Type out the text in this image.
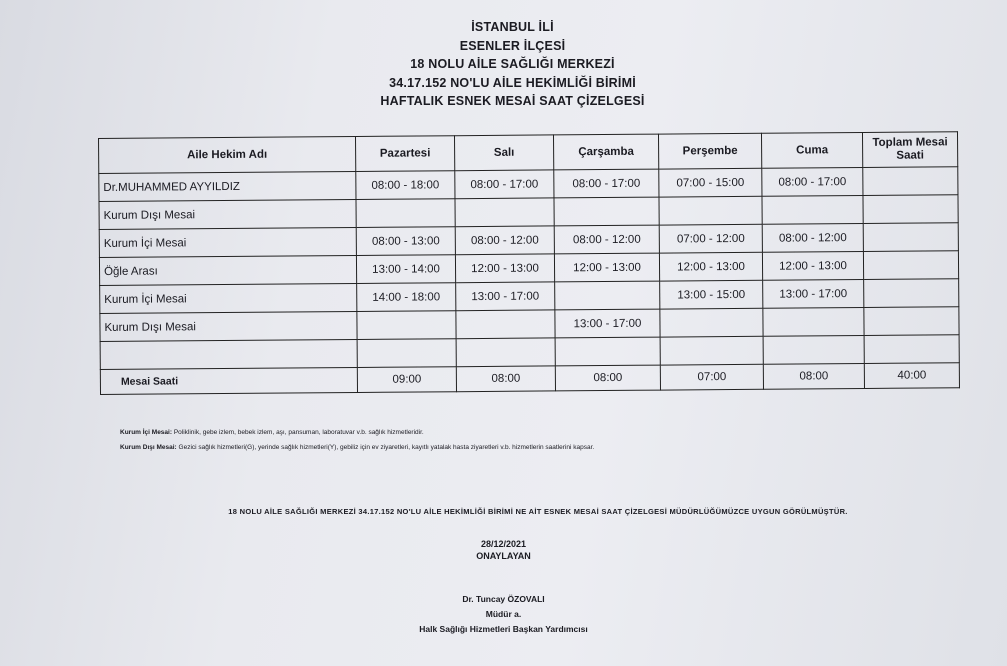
İSTANBUL İLİ
ESENLER İLÇESİ
18 NOLU AİLE SAĞLIĞI MERKEZİ
34.17.152 NO'LU AİLE HEKİMLİĞİ BİRİMİ
HAFTALIK ESNEK MESAİ SAAT ÇİZELGESİ
Aile Hekim Adı	Pazartesi	Salı	Çarşamba	Perşembe	Cuma	Toplam Mesai Saati
Dr.MUHAMMED AYYILDIZ	08:00 - 18:00	08:00 - 17:00	08:00 - 17:00	07:00 - 15:00	08:00 - 17:00	
Kurum Dışı Mesai						
Kurum İçi Mesai	08:00 - 13:00	08:00 - 12:00	08:00 - 12:00	07:00 - 12:00	08:00 - 12:00	
Öğle Arası	13:00 - 14:00	12:00 - 13:00	12:00 - 13:00	12:00 - 13:00	12:00 - 13:00	
Kurum İçi Mesai	14:00 - 18:00	13:00 - 17:00		13:00 - 15:00	13:00 - 17:00	
Kurum Dışı Mesai			13:00 - 17:00			

Mesai Saati	09:00	08:00	08:00	07:00	08:00	40:00
Kurum İçi Mesai: Poliklinik, gebe izlem, bebek izlem, aşı, pansuman, laboratuvar v.b. sağlık hizmetleridir.
Kurum Dışı Mesai: Gezici sağlık hizmetleri(G), yerinde sağlık hizmetleri(Y), gebiliz için ev ziyaretleri, kayıtlı yatalak hasta ziyaretleri v.b. hizmetlerin saatlerini kapsar.
18 NOLU AİLE SAĞLIĞI MERKEZİ 34.17.152 NO'LU AİLE HEKİMLİĞİ BİRİMİ NE AİT ESNEK MESAİ SAAT ÇİZELGESİ MÜDÜRLÜĞÜMÜZCE UYGUN GÖRÜLMÜŞTÜR.
28/12/2021
ONAYLAYAN
Dr. Tuncay ÖZOVALI
Müdür a.
Halk Sağlığı Hizmetleri Başkan Yardımcısı
